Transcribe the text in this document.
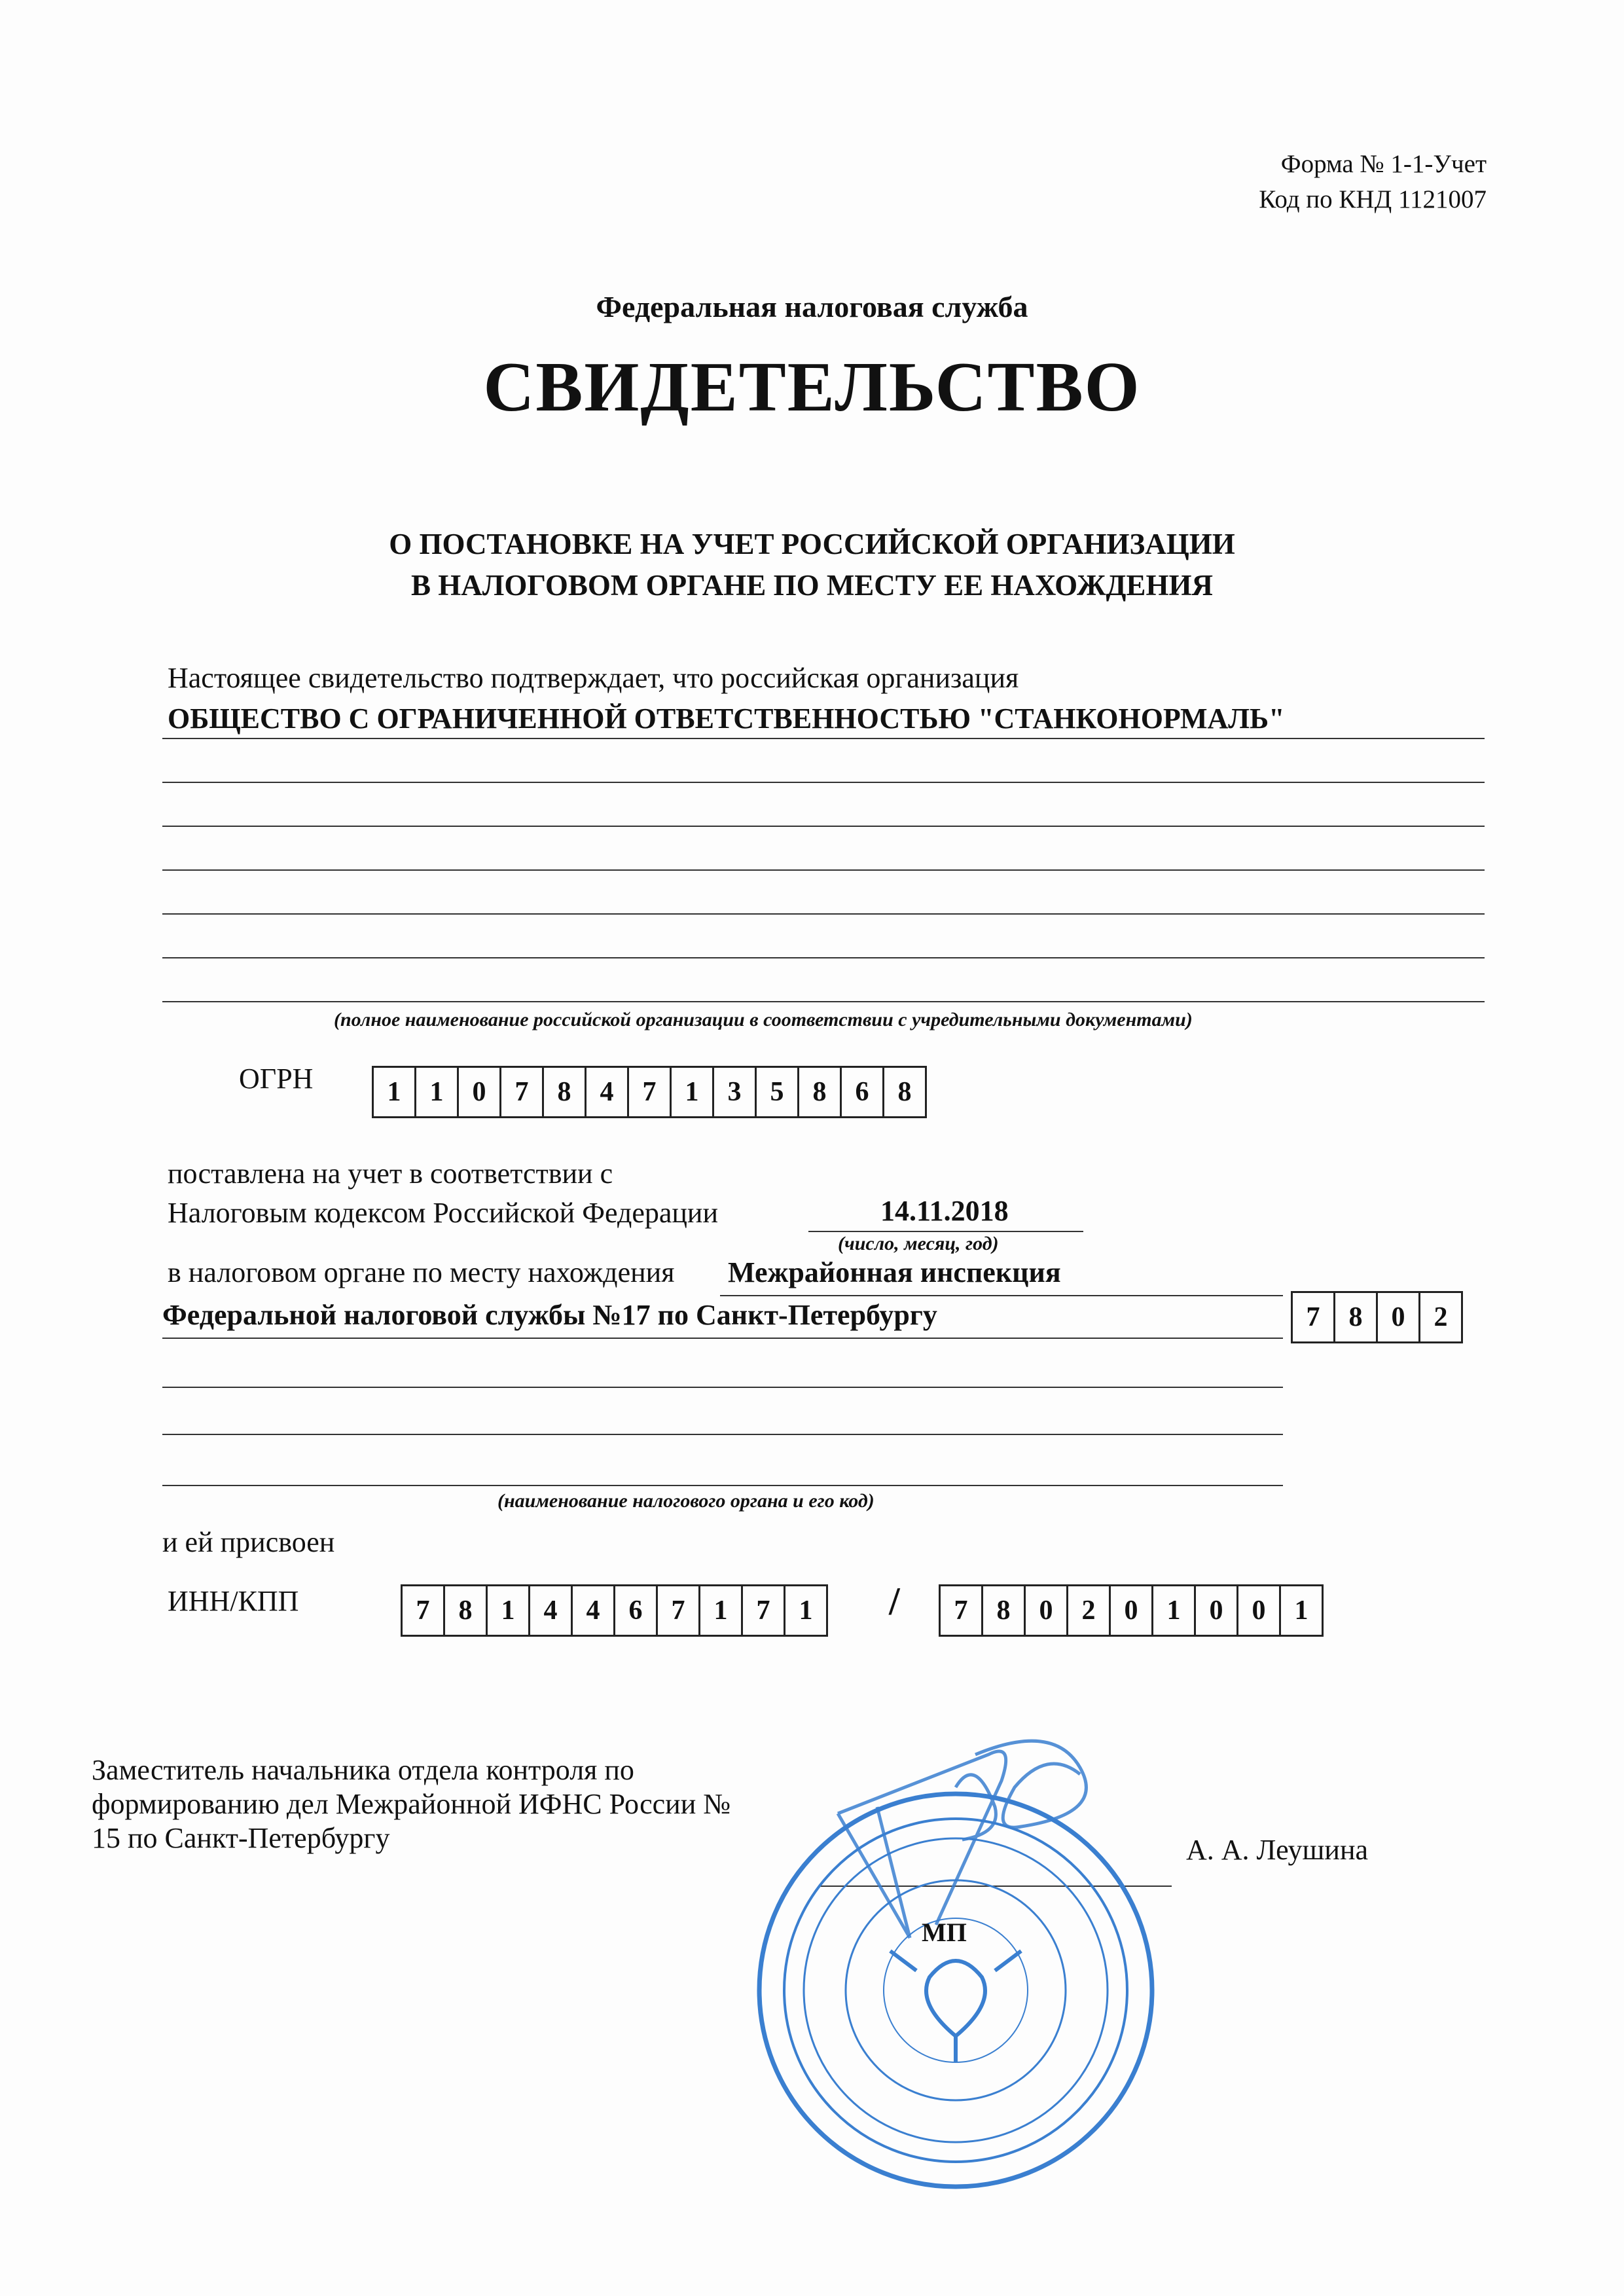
Форма № 1-1-Учет
Код по КНД 1121007
Федеральная налоговая служба
СВИДЕТЕЛЬСТВО
О ПОСТАНОВКЕ НА УЧЕТ РОССИЙСКОЙ ОРГАНИЗАЦИИ
В НАЛОГОВОМ ОРГАНЕ ПО МЕСТУ ЕЕ НАХОЖДЕНИЯ
Настоящее свидетельство подтверждает, что российская организация
ОБЩЕСТВО С ОГРАНИЧЕННОЙ ОТВЕТСТВЕННОСТЬЮ "СТАНКОНОРМАЛЬ"
(полное наименование российской организации в соответствии с учредительными документами)
ОГРН	1	1	0	7	8	4	7	1	3	5	8	6	8
поставлена на учет в соответствии с
Налоговым кодексом Российской Федерации	14.11.2018
(число, месяц, год)
в налоговом органе по месту нахождения Межрайонная инспекция
Федеральной налоговой службы №17 по Санкт-Петербургу	7	8	0	2
(наименование налогового органа и его код)
и ей присвоен
ИНН/КПП	7	8	1	4	4	6	7	1	7	1	/	7	8	0	2	0	1	0	0	1
Заместитель начальника отдела контроля по
формированию дел Межрайонной ИФНС России №
15 по Санкт-Петербургу	А. А. Леушина
МП
